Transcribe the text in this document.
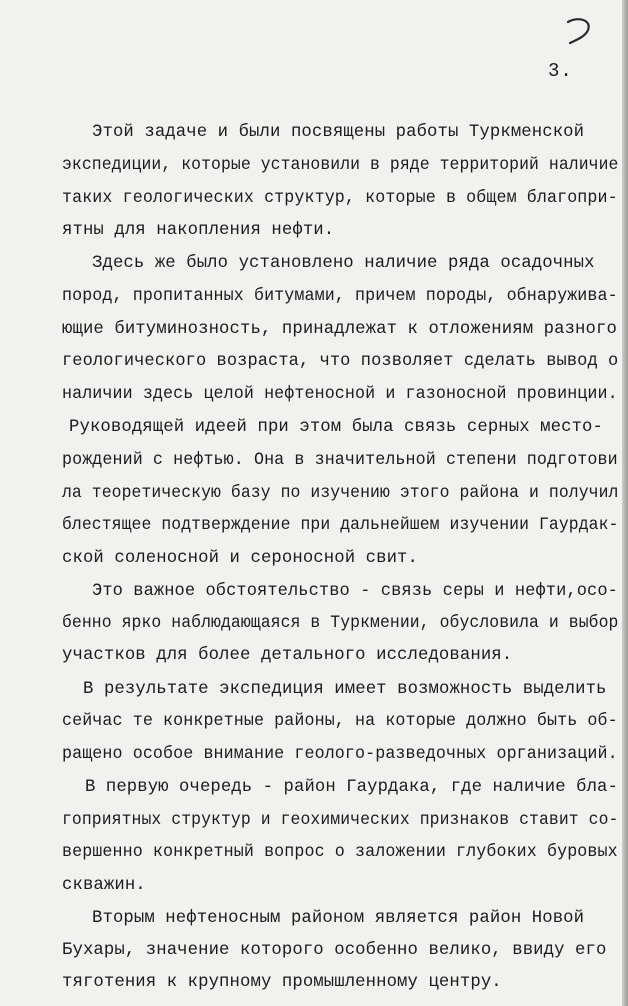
3.
Этой задаче и были посвящены работы Туркменской
экспедиции, которые установили в ряде территорий наличие
таких геологических структур, которые в общем благопри-
ятны для накопления нефти.
Здесь же было установлено наличие ряда осадочных
пород, пропитанных битумами, причем породы, обнаружива-
ющие битуминозность, принадлежат к отложениям разного
геологического возраста, что позволяет сделать вывод о
наличии здесь целой нефтеносной и газоносной провинции.
Руководящей идеей при этом была связь серных место-
рождений с нефтью. Она в значительной степени подготови
ла теоретическую базу по изучению этого района и получил
блестящее подтверждение при дальнейшем изучении Гаурдак-
ской соленосной и сероносной свит.
Это важное обстоятельство - связь серы и нефти,осо-
бенно ярко наблюдающаяся в Туркмении, обусловила и выбор
участков для более детального исследования.
В результате экспедиция имеет возможность выделить
сейчас те конкретные районы, на которые должно быть об-
ращено особое внимание геолого-разведочных организаций.
В первую очередь - район Гаурдака, где наличие бла-
гоприятных структур и геохимических признаков ставит со-
вершенно конкретный вопрос о заложении глубоких буровых
скважин.
Вторым нефтеносным районом является район Новой
Бухары, значение которого особенно велико, ввиду его
тяготения к крупному промышленному центру.
